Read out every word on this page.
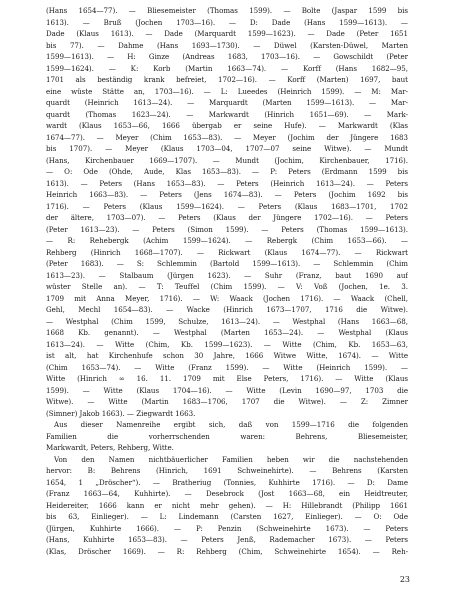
(Hans 1654—77). — Bliesemeister (Thomas 1599). — Bolte (Jaspar 1599 bis
1613). — Bruß (Jochen 1703—16). — D: Dade (Hans 1599—1613). —
Dade (Klaus 1613). — Dade (Marquardt 1599—1623). — Dade (Peter 1651
bis 77). — Dahme (Hans 1693—1730). — Düwel (Karsten-Düwel, Marten
1599—1613). — H: Ginze (Andreas 1683, 1703—16). — Gowschildt (Peter
1599—1624). — K: Korb (Martin 1663—74). — Korff (Hans 1682—95,
1701 als beständig krank befreiet, 1702—16). — Korff (Marten) 1697, baut
eine wüste Stätte an, 1703—16). — L: Lueedes (Heinrich 1599). — M: Mar-
quardt (Heinrich 1613—24). — Marquardt (Marten 1599—1613). — Mar-
quardt (Thomas 1623—24). — Markwardt (Hinrich 1651—69). — Mark-
wardt (Klaus 1653—66, 1666 übergab er seine Hufe). — Markwardt (Klas
1674—77). — Meyer (Chim 1653—83). — Meyer (Jochim der Jüngere 1683
bis 1707). — Meyer (Klaus 1703—04, 1707—07 seine Witwe). — Mundt
(Hans, Kirchenbauer 1669—1707). — Mundt (Jochim, Kirchenbauer, 1716).
— O: Ode (Ohde, Aude, Klas 1653—83). — P: Peters (Erdmann 1599 bis
1613). — Peters (Hans 1653—83). — Peters (Heinrich 1613—24). — Peters
Heinrich 1663—83). — Peters (Jens 1674—83). — Peters (Jochim 1692 bis
1716). — Peters (Klaus 1599—1624). — Peters (Klaus 1683—1701, 1702
der ältere, 1703—07). — Peters (Klaus der Jüngere 1702—16). — Peters
(Peter 1613—23). — Peters (Simon 1599). — Peters (Thomas 1599—1613).
— R: Rehebergk (Achim 1599—1624). — Rebergk (Chim 1653—66). —
Rehberg (Hinrich 1668—1707). — Rickwart (Klaus 1674—77). — Rickwart
(Peter 1683). — S: Schlemmin (Bartold 1599—1613). — Schlemmin (Chim
1613—23). — Stalbaum (Jürgen 1623). — Suhr (Franz, baut 1690 auf
wüster Stelle an). — T: Teuffel (Chim 1599). — V: Voß (Jochen, 1e. 3.
1709 mit Anna Meyer, 1716). — W: Waack (Jochen 1716). — Waack (Chell,
Gehl, Mechl 1654—83). — Wacke (Hinrich 1673—1707, 1716 die Witwe).
— Westphal (Chim 1599, Schulze, 1613—24). — Westphal (Hans 1663—68,
1668 Kb. genannt). — Westphal (Marten 1653—24). — Westphal (Klaus
1613—24). — Witte (Chim, Kb. 1599—1623). — Witte (Chim, Kb. 1653—63,
ist alt, hat Kirchenhufe schon 30 Jahre, 1666 Witwe Witte, 1674). — Witte
(Chim 1653—74). — Witte (Franz 1599). — Witte (Heinrich 1599). —
Witte (Hinrich ∞ 16. 11. 1709 mit Else Peters, 1716). — Witte (Klaus
1599). — Witte (Klaus 1704—16). — Witte (Levin 1690—97, 1703 die
Witwe). — Witte (Martin 1683—1706, 1707 die Witwe). — Z: Zimner
(Simner) Jakob 1663). — Ziegwardt 1663.
Aus dieser Namenreihe ergibt sich, daß von 1599—1716 die folgenden
Familien die vorherrschenden waren: Behrens, Bliesemeister,
Markwardt, Peters, Rehberg, Witte.
Von den Namen nichtbäuerlicher Familien heben wir die nachstehenden
hervor: B: Behrens (Hinrich, 1691 Schweinehirte). — Behrens (Karsten
1654, 1 „Dröscher“). — Bratheriug (Tonnies, Kuhhirte 1716). — D: Dame
(Franz 1663—64, Kuhhirte). — Desebrock (Jost 1663—68, ein Heidtreuter,
Heidereiter, 1666 kann er nicht mehr gehen). — H: Hillebrandt (Philipp 1661
bis 63, Einlieger). — L: Lindemann (Carsten 1627, Einlieger). — O: Ode
(Jürgen, Kuhhirte 1666). — P: Penzin (Schweinehirte 1673). — Peters
(Hans, Kuhhirte 1653—83). — Peters Jenß, Rademacher 1673). — Peters
(Klas, Dröscher 1669). — R: Rehberg (Chim, Schweinehirte 1654). — Reh-
23
